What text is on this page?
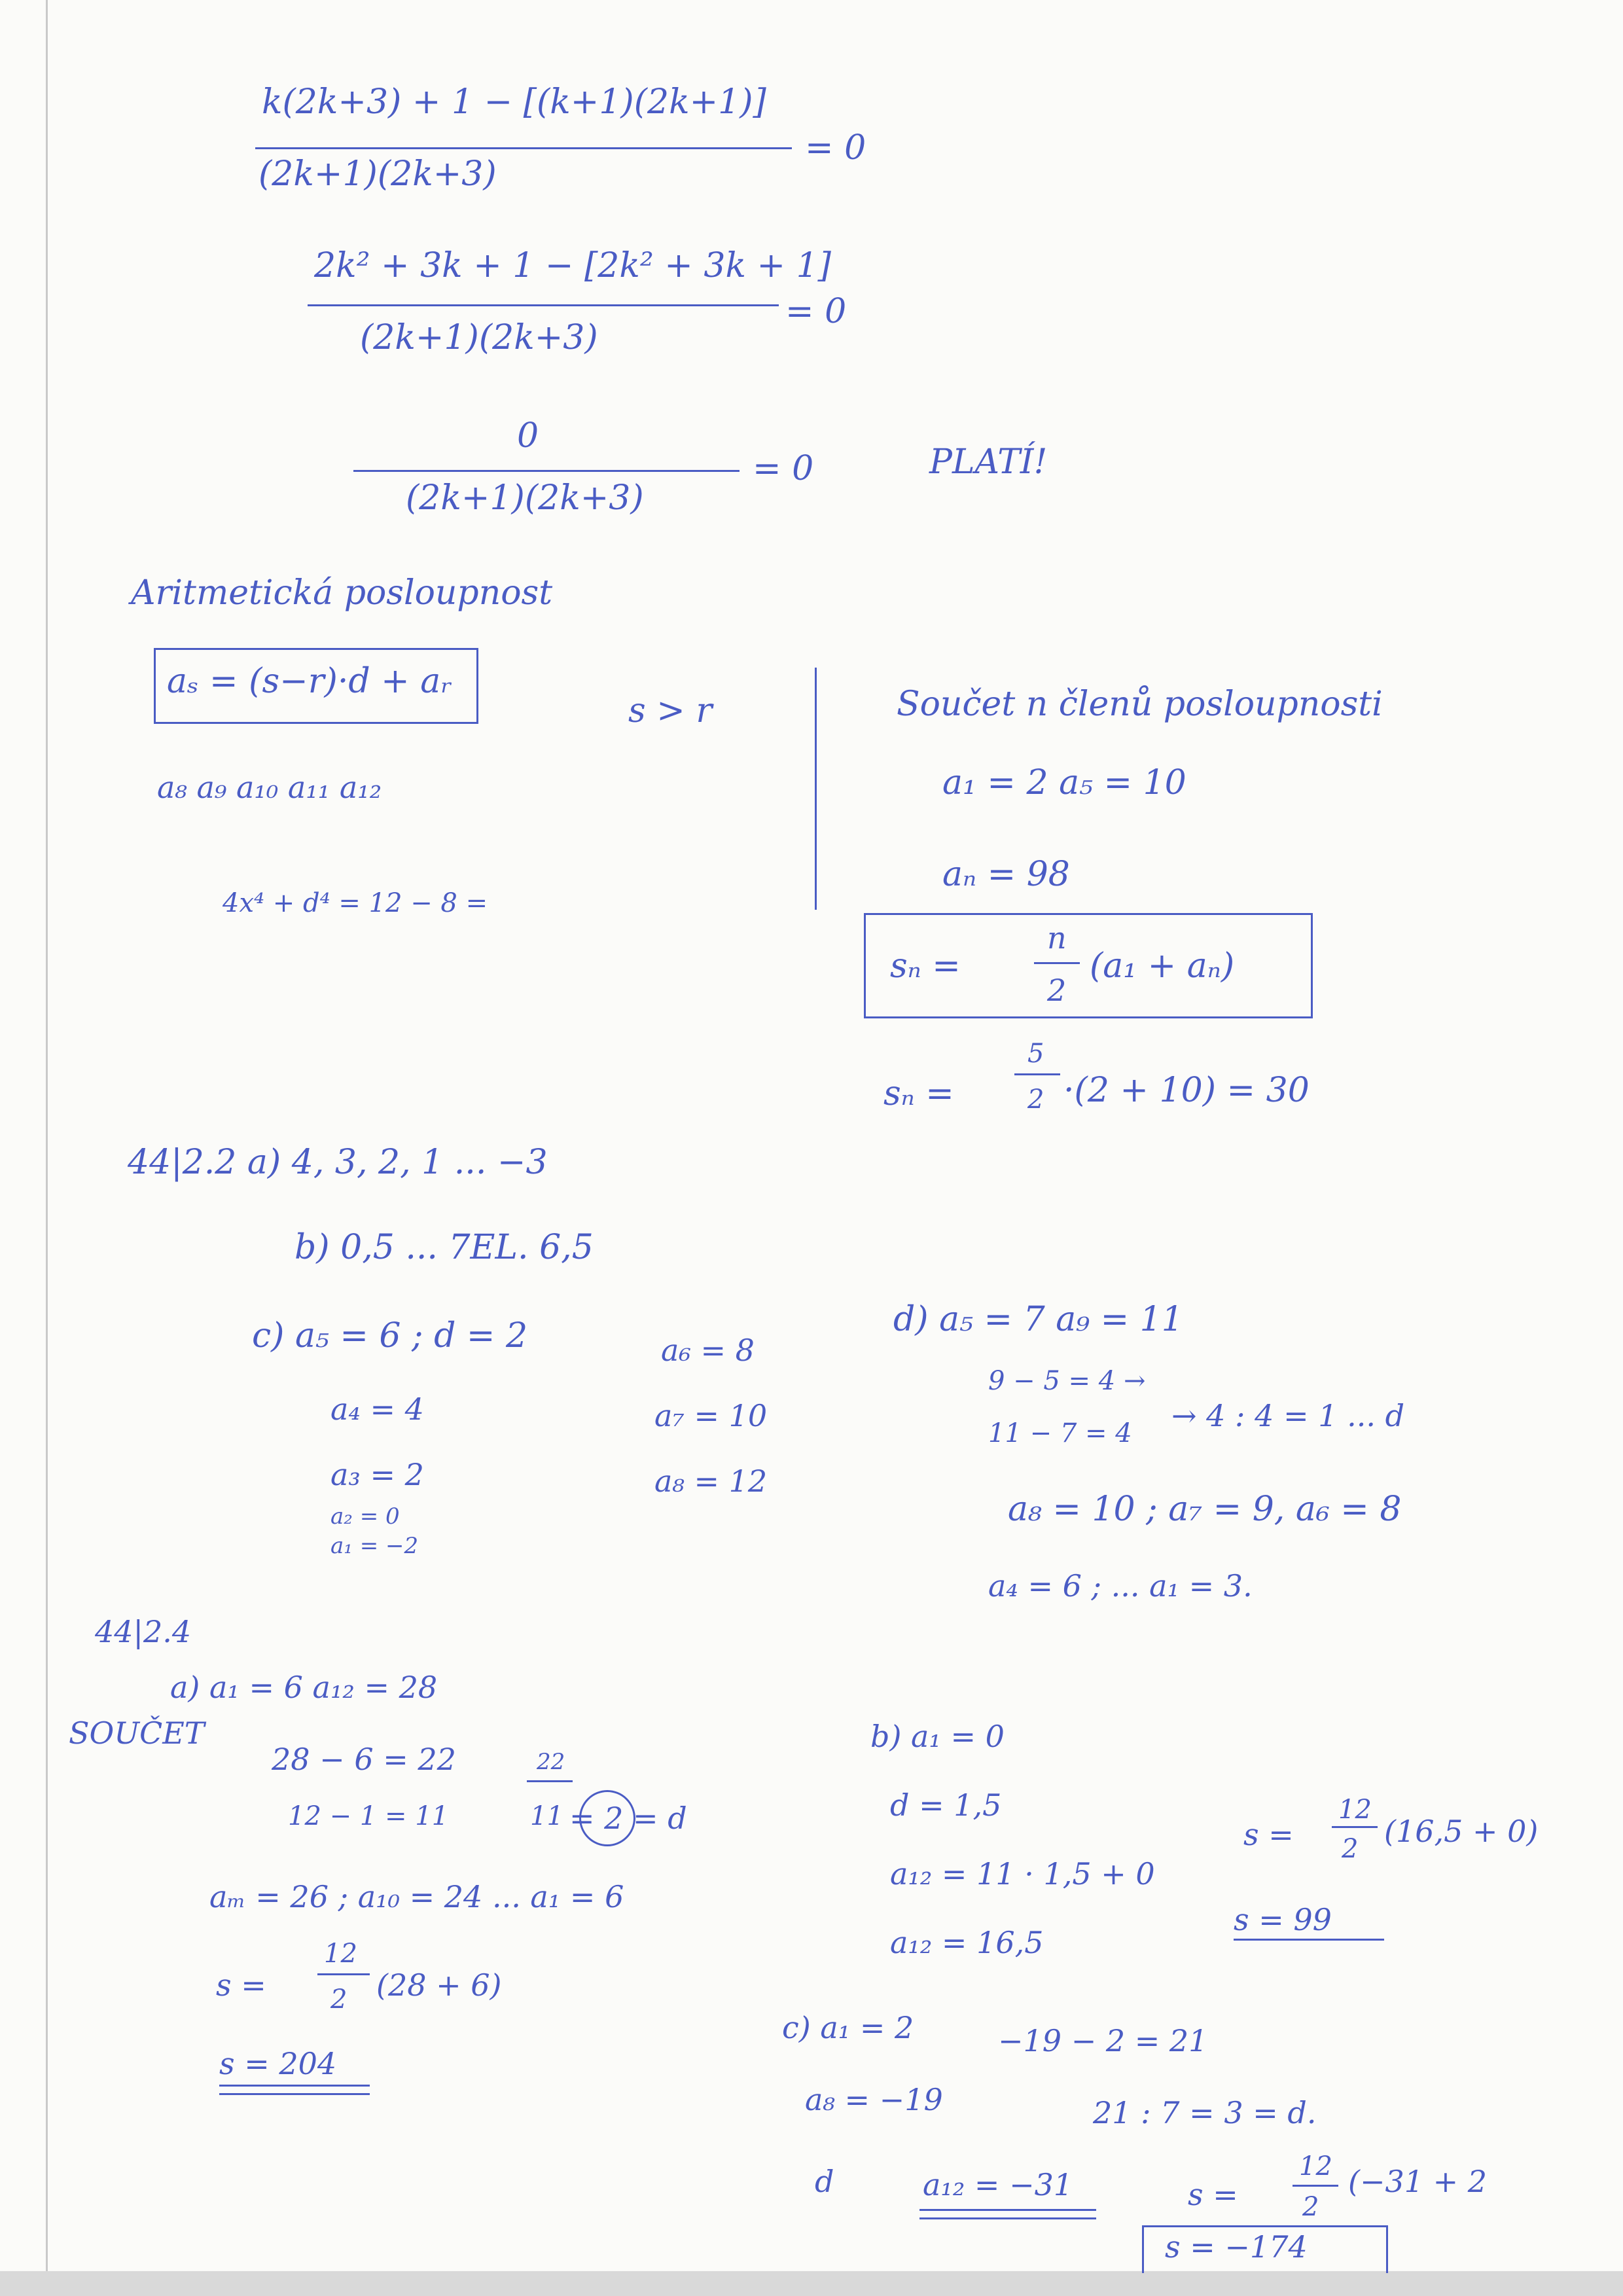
k(2k+3) + 1 − [(k+1)(2k+1)]
(2k+1)(2k+3)
= 0
2k² + 3k + 1 − [2k² + 3k + 1]
(2k+1)(2k+3)
= 0
0
(2k+1)(2k+3)
= 0	PLATÍ!
Aritmetická posloupnost
aₛ = (s−r)·d + aᵣ
s > r
a₈ a₉ a₁₀ a₁₁ a₁₂
4x⁴ + d⁴ = 12 − 8 =
Součet n členů posloupnosti
a₁ = 2 a₅ = 10
aₙ = 98
sₙ =
n
2
(a₁ + aₙ)
sₙ =
5
2 ·(2 + 10) = 30
44|2.2 a) 4, 3, 2, 1 ... −3
b) 0,5 ... 7EL. 6,5
c) a₅ = 6 ; d = 2	a₆ = 8
a₄ = 4	a₇ = 10
a₃ = 2	a₈ = 12
a₂ = 0
a₁ = −2
d) a₅ = 7 a₉ = 11
9 − 5 = 4 →
→ 4 : 4 = 1 ... d
11 − 7 = 4
a₈ = 10 ; a₇ = 9, a₆ = 8
a₄ = 6 ; ... a₁ = 3.
44|2.4
a) a₁ = 6 a₁₂ = 28
SOUČET
28 − 6 = 22	22
12 − 1 = 11	11 = 2 = d
aₘ = 26 ; a₁₀ = 24 ... a₁ = 6
s =
12
2 (28 + 6)
s = 204
b) a₁ = 0
d = 1,5
a₁₂ = 11 · 1,5 + 0
a₁₂ = 16,5
s =
12
2 (16,5 + 0)
s = 99
c) a₁ = 2	−19 − 2 = 21
a₈ = −19	21 : 7 = 3 = d.
d	a₁₂ = −31	s =
12
2
(−31 + 2
s = −174
